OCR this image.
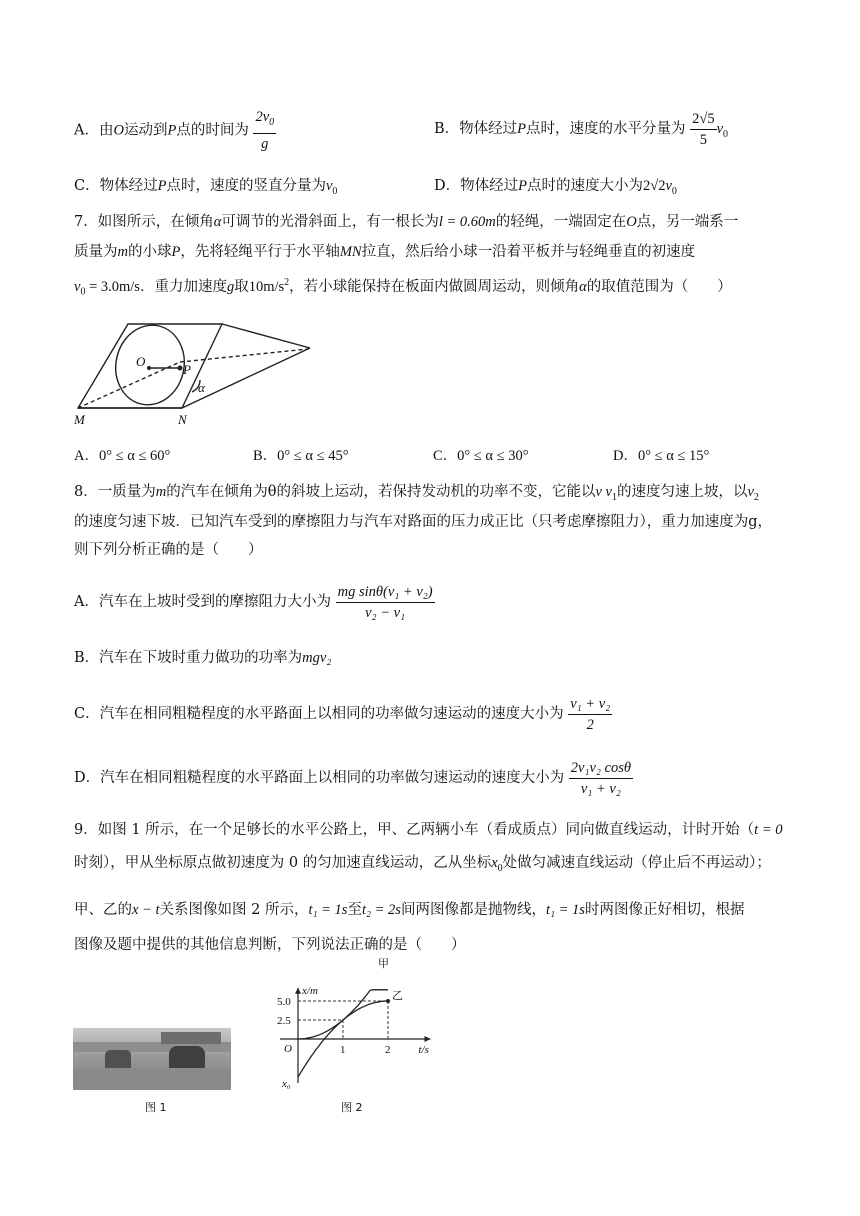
A．由O运动到P点的时间为 $\frac{2v_0}{g}$	B．物体经过P点时，速度的水平分量为 $\frac{2√5}{5} v_0$
C．物体经过P点时，速度的竖直分量为$v_0$	D．物体经过P点时的速度大小为$2√2v_0$
7．如图所示，在倾角α可调节的光滑斜面上，有一根长为l = 0.60m的轻绳，一端固定在O点，另一端系一
质量为m的小球P，先将轻绳平行于水平轴MN拉直，然后给小球一沿着平板并与轻绳垂直的初速度
$v_0 = 3.0m/s$．重力加速度g取$10m/s^2$，若小球能保持在板面内做圆周运动，则倾角α的取值范围为（　　）
O
P
α
M	N
A．0° ≤ α ≤ 60°	B．0° ≤ α ≤ 45°	C．0° ≤ α ≤ 30°	D．0° ≤ α ≤ 15°
8．一质量为m的汽车在倾角为θ的斜坡上运动，若保持发动机的功率不变，它能以v $v_1$的速度匀速上坡，以$v_2$
的速度匀速下坡．已知汽车受到的摩擦阻力与汽车对路面的压力成正比（只考虑摩擦阻力），重力加速度为g，
则下列分析正确的是（　　）
A．汽车在上坡时受到的摩擦阻力大小为 $\frac{\text{mg sinθ(v₁ + v₂)}}{\text{v₂ − v₁}}$
B．汽车在下坡时重力做功的功率为mgv₂
C．汽车在相同粗糙程度的水平路面上以相同的功率做匀速运动的速度大小为 $\frac{\text{v₁ + v₂}}{2}$
D．汽车在相同粗糙程度的水平路面上以相同的功率做匀速运动的速度大小为 $\frac{\text{2v₁v₂ cosθ}}{\text{v₁ + v₂}}$
9．如图 1 所示，在一个足够长的水平公路上，甲、乙两辆小车（看成质点）同向做直线运动，计时开始（t = 0
时刻），甲从坐标原点做初速度为 0 的匀加速直线运动，乙从坐标$x_0$处做匀减速直线运动（停止后不再运动）；
甲、乙的x − t关系图像如图 2 所示，t₁ = 1s至t₂ = 2s间两图像都是抛物线，t₁ = 1s时两图像正好相切，根据
图像及题中提供的其他信息判断，下列说法正确的是（　　）
图 1
x/m
t/s
O	1	2
5.0
2.5
x₀
甲
乙
图 2
